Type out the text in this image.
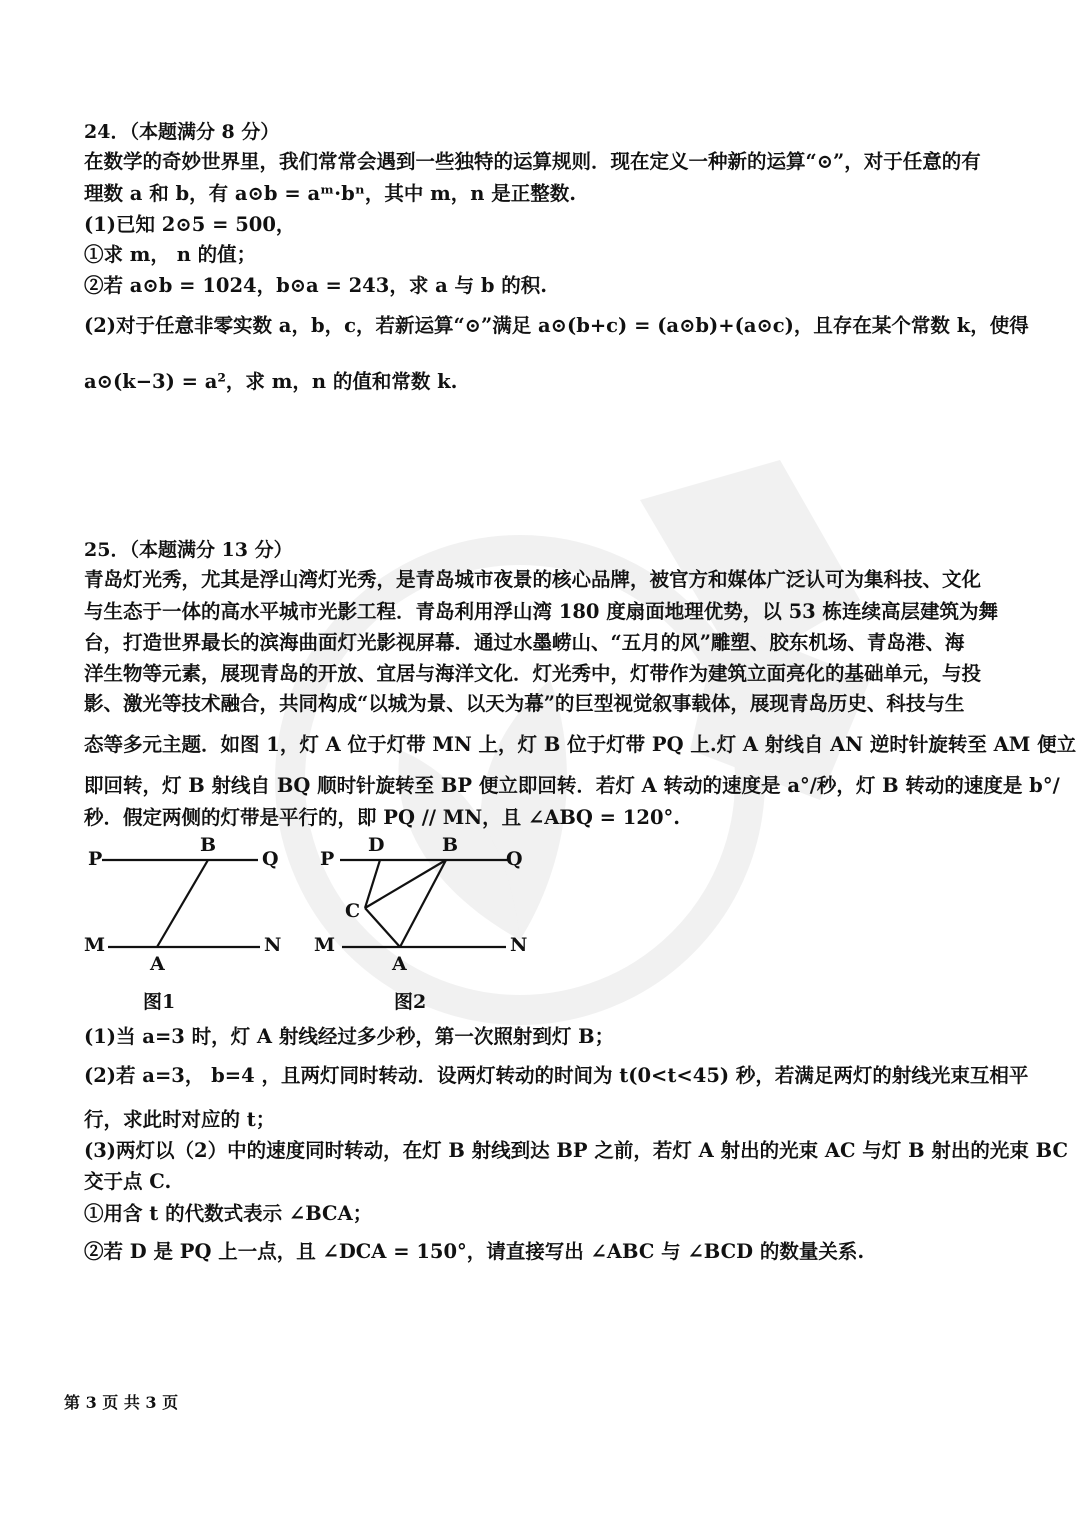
24．（本题满分 8 分）
在数学的奇妙世界里，我们常常会遇到一些独特的运算规则．现在定义一种新的运算“⊙”，对于任意的有
理数 a 和 b，有 a⊙b = aᵐ·bⁿ，其中 m，n 是正整数.
(1)已知 2⊙5 = 500，
①求 m， n 的值；
②若 a⊙b = 1024，b⊙a = 243，求 a 与 b 的积.
(2)对于任意非零实数 a，b，c，若新运算“⊙”满足 a⊙(b+c) = (a⊙b)+(a⊙c)，且存在某个常数 k，使得
a⊙(k−3) = a²，求 m，n 的值和常数 k.
25．（本题满分 13 分）
青岛灯光秀，尤其是浮山湾灯光秀，是青岛城市夜景的核心品牌，被官方和媒体广泛认可为集科技、文化
与生态于一体的高水平城市光影工程．青岛利用浮山湾 180 度扇面地理优势，以 53 栋连续高层建筑为舞
台，打造世界最长的滨海曲面灯光影视屏幕．通过水墨崂山、“五月的风”雕塑、胶东机场、青岛港、海
洋生物等元素，展现青岛的开放、宜居与海洋文化．灯光秀中，灯带作为建筑立面亮化的基础单元，与投
影、激光等技术融合，共同构成“以城为景、以天为幕”的巨型视觉叙事载体，展现青岛历史、科技与生
态等多元主题．如图 1，灯 A 位于灯带 MN 上，灯 B 位于灯带 PQ 上.灯 A 射线自 AN 逆时针旋转至 AM 便立
即回转，灯 B 射线自 BQ 顺时针旋转至 BP 便立即回转．若灯 A 转动的速度是 a°/秒，灯 B 转动的速度是 b°/
秒．假定两侧的灯带是平行的，即 PQ // MN，且 ∠ABQ = 120°.
P
B
Q
M
A
N
图1
P
D	B
Q
C
M
A
N
图2
(1)当 a=3 时，灯 A 射线经过多少秒，第一次照射到灯 B；
(2)若 a=3， b=4 ，且两灯同时转动．设两灯转动的时间为 t(0<t<45) 秒，若满足两灯的射线光束互相平
行，求此时对应的 t；
(3)两灯以（2）中的速度同时转动，在灯 B 射线到达 BP 之前，若灯 A 射出的光束 AC 与灯 B 射出的光束 BC
交于点 C.
①用含 t 的代数式表示 ∠BCA；
②若 D 是 PQ 上一点，且 ∠DCA = 150°，请直接写出 ∠ABC 与 ∠BCD 的数量关系.
第 3 页 共 3 页
